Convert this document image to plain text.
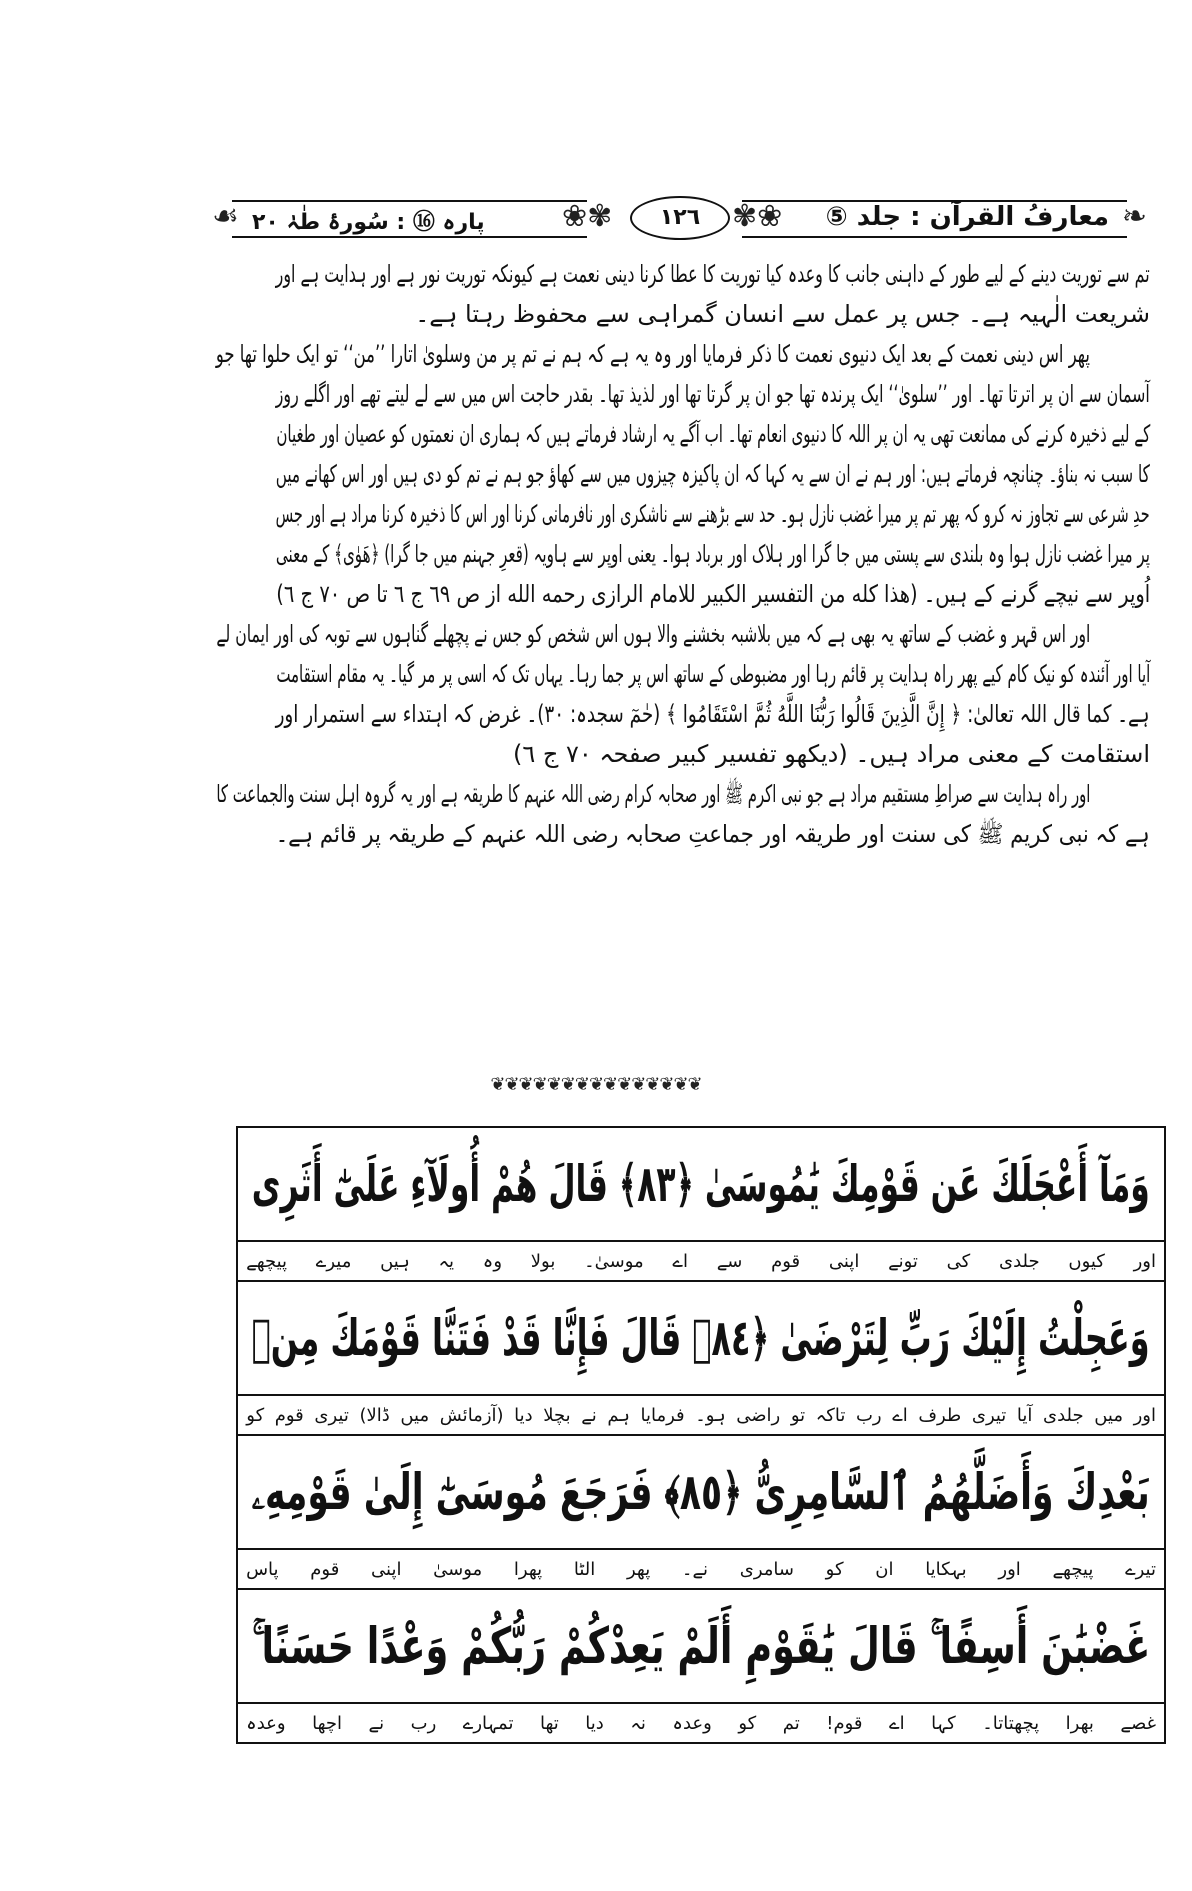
❧
☙	✾❀
❀✾	معارفُ القرآن : جلد ⑤
١٢٦
پارہ ⑯ : سُورۂ طٰہٰ ٢٠
تم سے توریت دینے کے لیے طور کے داہنی جانب کا وعدہ کیا توریت کا عطا کرنا دینی نعمت ہے کیونکہ توریت نور ہے اور ہدایت ہے اور
شریعت الٰہیہ ہے۔ جس پر عمل سے انسان گمراہی سے محفوظ رہتا ہے۔
پھر اس دینی نعمت کے بعد ایک دنیوی نعمت کا ذکر فرمایا اور وہ یہ ہے کہ ہم نے تم پر من وسلویٰ اتارا ’’من‘‘ تو ایک حلوا تھا جو
آسمان سے ان پر اترتا تھا۔ اور ’’سلویٰ‘‘ ایک پرندہ تھا جو ان پر گرتا تھا اور لذیذ تھا۔ بقدر حاجت اس میں سے لے لیتے تھے اور اگلے روز
کے لیے ذخیرہ کرنے کی ممانعت تھی یہ ان پر اللہ کا دنیوی انعام تھا۔ اب آگے یہ ارشاد فرماتے ہیں کہ ہماری ان نعمتوں کو عصیان اور طغیان
کا سبب نہ بناؤ۔ چنانچہ فرماتے ہیں: اور ہم نے ان سے یہ کہا کہ ان پاکیزہ چیزوں میں سے کھاؤ جو ہم نے تم کو دی ہیں اور اس کھانے میں
حدِ شرعی سے تجاوز نہ کرو کہ پھر تم پر میرا غضب نازل ہو۔ حد سے بڑھنے سے ناشکری اور نافرمانی کرنا اور اس کا ذخیرہ کرنا مراد ہے اور جس
پر میرا غضب نازل ہوا وہ بلندی سے پستی میں جا گرا اور ہلاک اور برباد ہوا۔ یعنی اوپر سے ہاویہ (قعرِ جہنم میں جا گرا) ﴿هَوٰى﴾ کے معنی
اُوپر سے نیچے گرنے کے ہیں۔ (هذا كله من التفسير الكبير للامام الرازى رحمه الله از ص ٦٩ ج ٦ تا ص ٧٠ ج ٦)
اور اس قہر و غضب کے ساتھ یہ بھی ہے کہ میں بلاشبہ بخشنے والا ہوں اس شخص کو جس نے پچھلے گناہوں سے توبہ کی اور ایمان لے
آیا اور آئندہ کو نیک کام کیے پھر راہ ہدایت پر قائم رہا اور مضبوطی کے ساتھ اس پر جما رہا۔ یہاں تک کہ اسی پر مر گیا۔ یہ مقام استقامت
ہے۔ کما قال اللہ تعالیٰ: ﴿ إِنَّ الَّذِينَ قَالُوا رَبُّنَا اللَّهُ ثُمَّ اسْتَقَامُوا ﴾ (حٰمٓ سجدہ: ٣٠)۔ غرض کہ اہتداء سے استمرار اور
استقامت کے معنی مراد ہیں۔ (دیکھو تفسیر کبیر صفحہ ٧٠ ج ٦)
اور راہ ہدایت سے صراطِ مستقیم مراد ہے جو نبی اکرم ﷺ اور صحابہ کرام رضی اللہ عنہم کا طریقہ ہے اور یہ گروہ اہل سنت والجماعت کا
ہے کہ نبی کریم ﷺ کی سنت اور طریقہ اور جماعتِ صحابہ رضی اللہ عنہم کے طریقہ پر قائم ہے۔
❦❦❦❦❦❦❦❦❦❦❦❦❦❦❦
وَمَآ أَعْجَلَكَ عَن قَوْمِكَ يَٰمُوسَىٰ ﴿٨٣﴾ قَالَ هُمْ أُولَآءِ عَلَىٰٓ أَثَرِى
اور
کیوں
جلدی
کی
تونے
اپنی
قوم
سے
اے
موسیٰ۔
بولا
وہ
یہ
ہیں
میرے
پیچھے
وَعَجِلْتُ إِلَيْكَ رَبِّ لِتَرْضَىٰ ﴿٨٤﴾ قَالَ فَإِنَّا قَدْ فَتَنَّا قَوْمَكَ مِنۢ
اور
میں
جلدی
آیا
تیری
طرف
اے
رب
تاکہ
تو
راضی
ہو۔
فرمایا
ہم
نے
بچلا
دیا
(آزمائش
میں
ڈالا)
تیری
قوم
کو
بَعْدِكَ وَأَضَلَّهُمُ ٱلسَّامِرِىُّ ﴿٨٥﴾ فَرَجَعَ مُوسَىٰٓ إِلَىٰ قَوْمِهِۦ
تیرے
پیچھے
اور
بہکایا
ان
کو
سامری
نے۔
پھر
الٹا
پھرا
موسیٰ
اپنی
قوم
پاس
غَضْبَٰنَ أَسِفًا ۚ قَالَ يَٰقَوْمِ أَلَمْ يَعِدْكُمْ رَبُّكُمْ وَعْدًا حَسَنًا ۚ
غصے
بھرا
پچھتاتا۔
کہا
اے
قوم!
تم
کو
وعدہ
نہ
دیا
تھا
تمہارے
رب
نے
اچھا
وعدہ
